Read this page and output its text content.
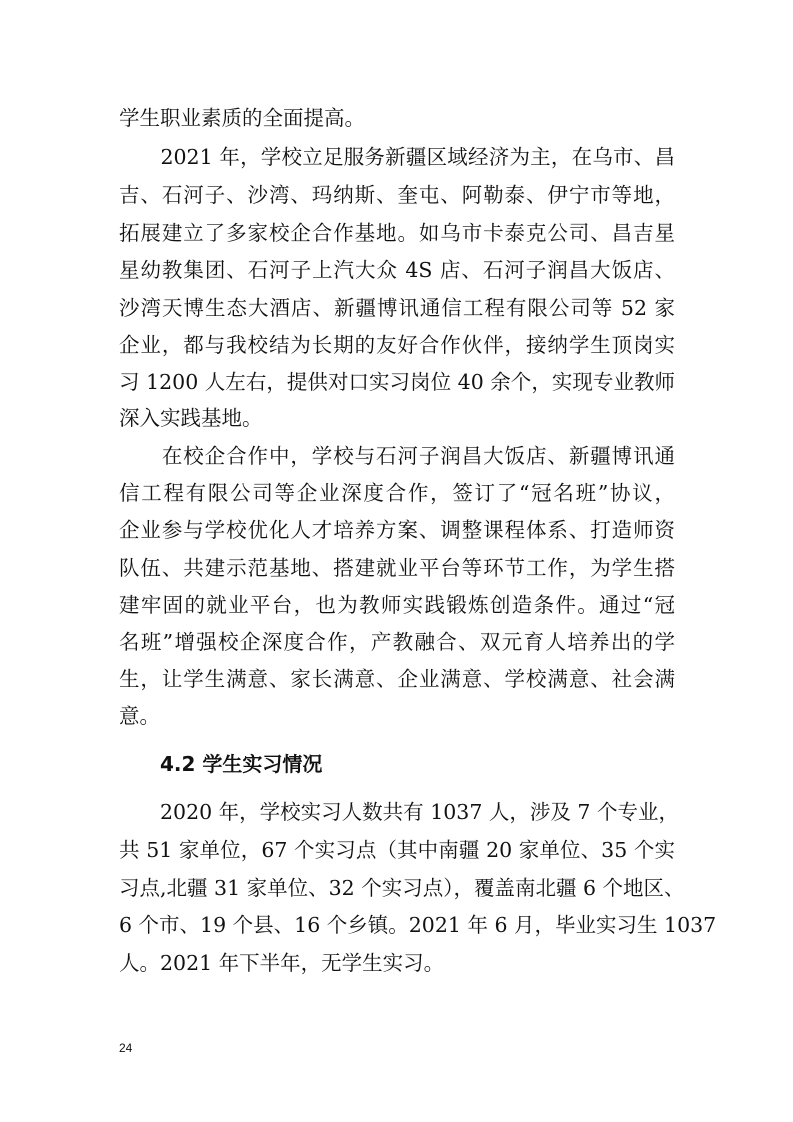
学生职业素质的全面提高。
　　2021 年，学校立足服务新疆区域经济为主，在乌市、昌
吉、石河子、沙湾、玛纳斯、奎屯、阿勒泰、伊宁市等地，
拓展建立了多家校企合作基地。如乌市卡泰克公司、昌吉星
星幼教集团、石河子上汽大众 4S 店、石河子润昌大饭店、
沙湾天博生态大酒店、新疆博讯通信工程有限公司等 52 家
企业，都与我校结为长期的友好合作伙伴，接纳学生顶岗实
习 1200 人左右，提供对口实习岗位 40 余个，实现专业教师
深入实践基地。
　　在校企合作中，学校与石河子润昌大饭店、新疆博讯通
信工程有限公司等企业深度合作，签订了“冠名班”协议，
企业参与学校优化人才培养方案、调整课程体系、打造师资
队伍、共建示范基地、搭建就业平台等环节工作，为学生搭
建牢固的就业平台，也为教师实践锻炼创造条件。通过“冠
名班”增强校企深度合作，产教融合、双元育人培养出的学
生，让学生满意、家长满意、企业满意、学校满意、社会满
意。
4.2 学生实习情况
　　2020 年，学校实习人数共有 1037 人，涉及 7 个专业，
共 51 家单位，67 个实习点（其中南疆 20 家单位、35 个实
习点,北疆 31 家单位、32 个实习点），覆盖南北疆 6 个地区、
6 个市、19 个县、16 个乡镇。2021 年 6 月，毕业实习生 1037
人。2021 年下半年，无学生实习。
24
